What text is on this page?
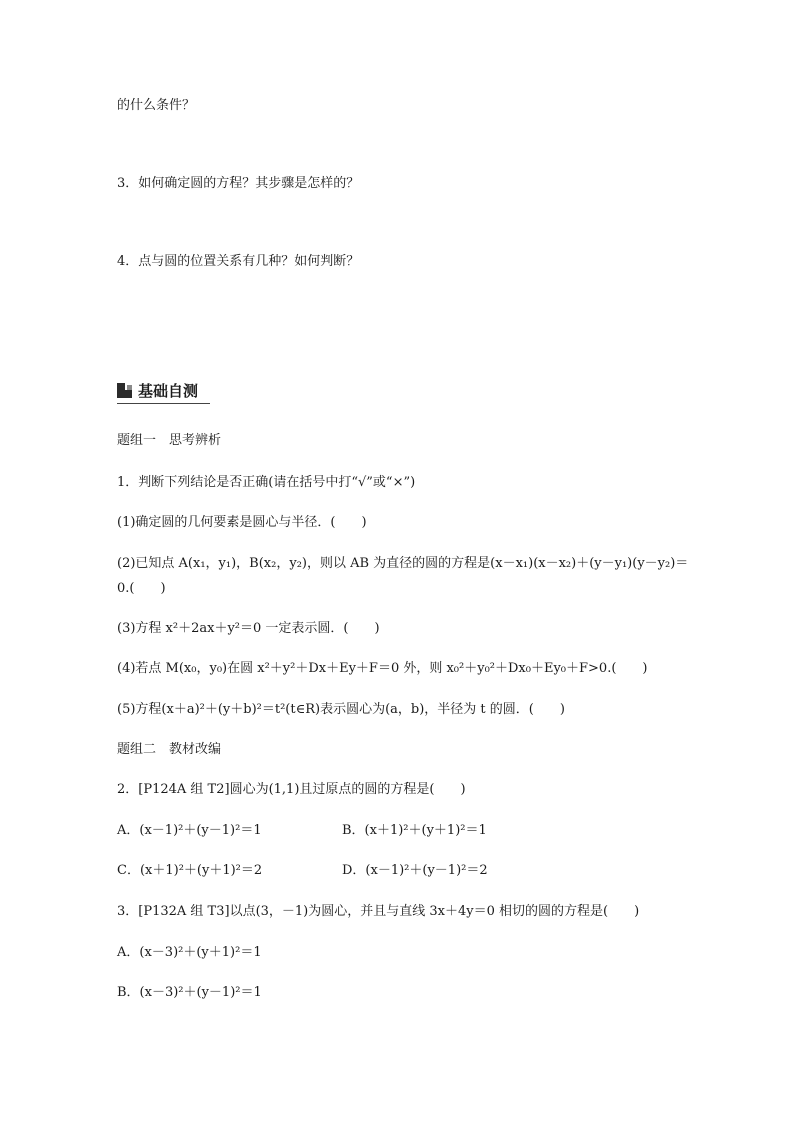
的什么条件？
3．如何确定圆的方程？其步骤是怎样的？
4．点与圆的位置关系有几种？如何判断？
基础自测
题组一　思考辨析
1．判断下列结论是否正确(请在括号中打“√”或“×”)
(1)确定圆的几何要素是圆心与半径．(　　)
(2)已知点 A(x₁，y₁)，B(x₂，y₂)，则以 AB 为直径的圆的方程是(x－x₁)(x－x₂)＋(y－y₁)(y－y₂)＝
0.(　　)
(3)方程 x²＋2ax＋y²＝0 一定表示圆．(　　)
(4)若点 M(x₀，y₀)在圆 x²＋y²＋Dx＋Ey＋F＝0 外，则 x₀²＋y₀²＋Dx₀＋Ey₀＋F>0.(　　)
(5)方程(x＋a)²＋(y＋b)²＝t²(t∈R)表示圆心为(a，b)，半径为 t 的圆．(　　)
题组二　教材改编
2．[P124A 组 T2]圆心为(1,1)且过原点的圆的方程是(　　)
A．(x－1)²＋(y－1)²＝1	B．(x＋1)²＋(y＋1)²＝1
C．(x＋1)²＋(y＋1)²＝2	D．(x－1)²＋(y－1)²＝2
3．[P132A 组 T3]以点(3，－1)为圆心，并且与直线 3x＋4y＝0 相切的圆的方程是(　　)
A．(x－3)²＋(y＋1)²＝1
B．(x－3)²＋(y－1)²＝1
